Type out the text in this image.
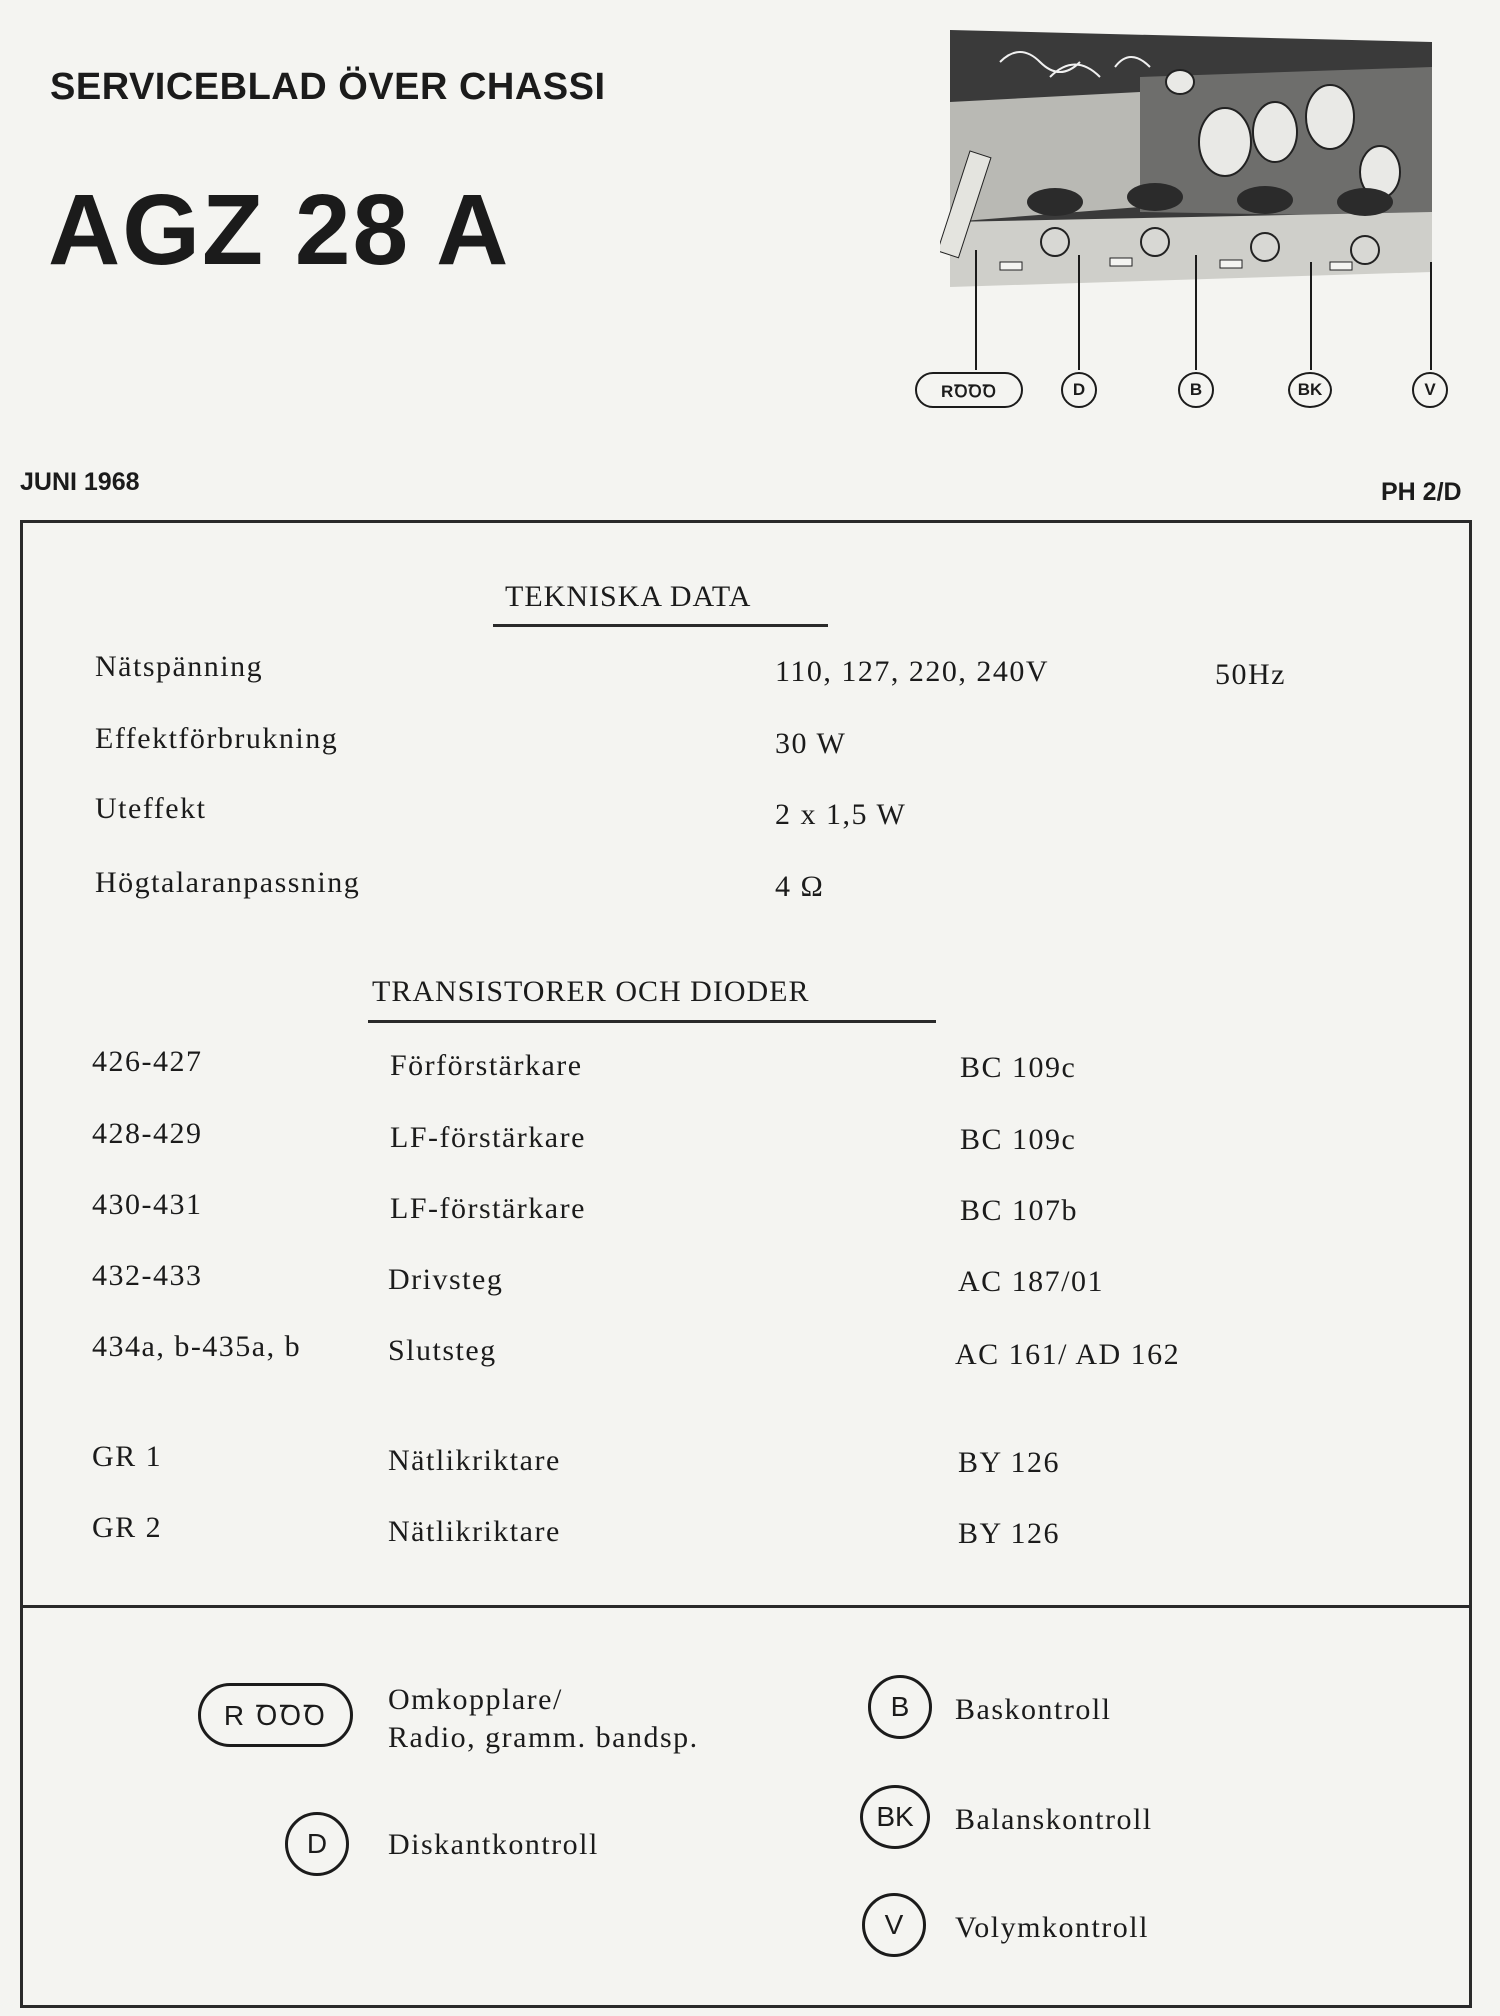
SERVICEBLAD ÖVER CHASSI
AGZ 28 A
RꝹꝹꝹ	D	B	BK	V
JUNI 1968	PH 2/D
TEKNISKA DATA
Nätspänning	110, 127, 220, 240V	50Hz
Effektförbrukning	30 W
Uteffekt	2 x 1,5 W
Högtalaranpassning	4 Ω
TRANSISTORER OCH DIODER
426-427	Förförstärkare	BC 109c
428-429	LF-förstärkare	BC 109c
430-431	LF-förstärkare	BC 107b
432-433	Drivsteg	AC 187/01
434a, b-435a, b	Slutsteg	AC 161/ AD 162
GR 1	Nätlikriktare	BY 126
GR 2	Nätlikriktare	BY 126
R ꝹꝹꝹ	Omkopplare/
Radio, gramm. bandsp.
D	Diskantkontroll
B	Baskontroll
BK	Balanskontroll
V	Volymkontroll
